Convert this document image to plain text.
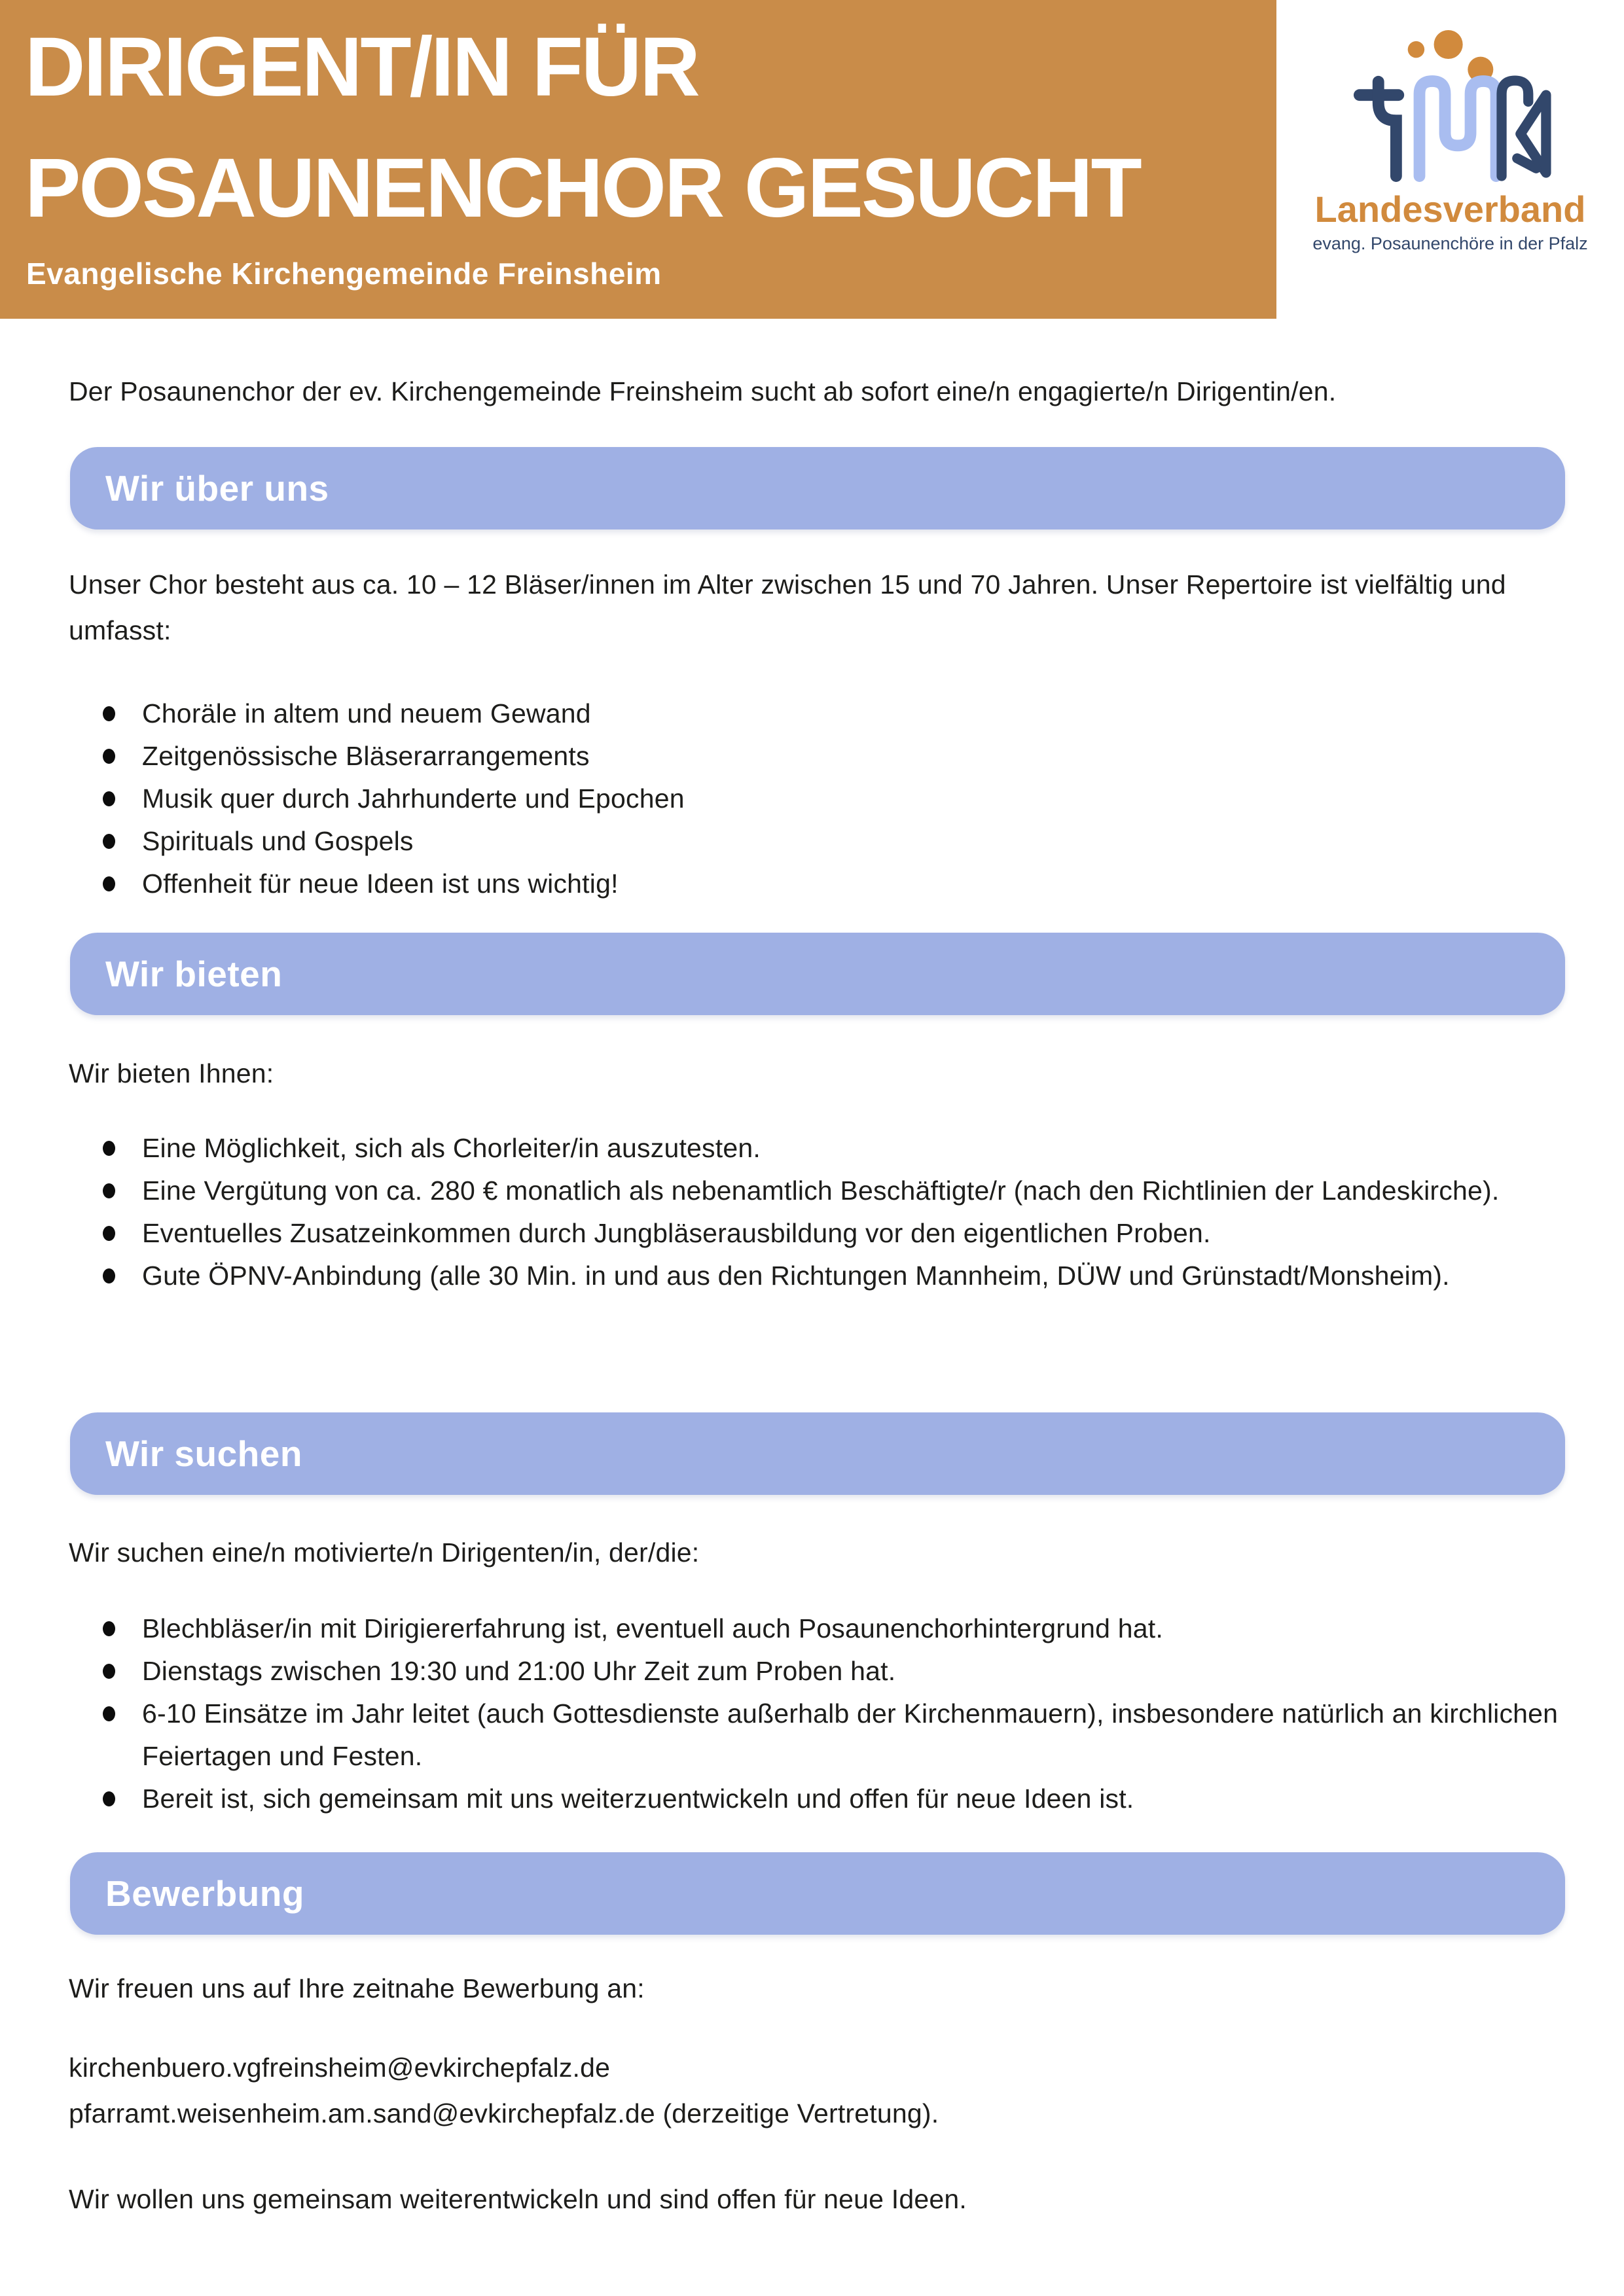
DIRIGENT/IN FÜR
POSAUNENCHOR GESUCHT
Evangelische Kirchengemeinde Freinsheim
Landesverband
evang. Posaunenchöre in der Pfalz

Der Posaunenchor der ev. Kirchengemeinde Freinsheim sucht ab sofort eine/n engagierte/n Dirigentin/en.

Wir über uns

Unser Chor besteht aus ca. 10 – 12 Bläser/innen im Alter zwischen 15 und 70 Jahren. Unser Repertoire ist vielfältig und umfasst:

Choräle in altem und neuem Gewand
Zeitgenössische Bläserarrangements
Musik quer durch Jahrhunderte und Epochen
Spirituals und Gospels
Offenheit für neue Ideen ist uns wichtig!
Wir bieten

Wir bieten Ihnen:

Eine Möglichkeit, sich als Chorleiter/in auszutesten.
Eine Vergütung von ca. 280 € monatlich als nebenamtlich Beschäftigte/r (nach den Richtlinien der Landeskirche).
Eventuelles Zusatzeinkommen durch Jungbläserausbildung vor den eigentlichen Proben.
Gute ÖPNV-Anbindung (alle 30 Min. in und aus den Richtungen Mannheim, DÜW und Grünstadt/Monsheim).
Wir suchen

Wir suchen eine/n motivierte/n Dirigenten/in, der/die:

Blechbläser/in mit Dirigiererfahrung ist, eventuell auch Posaunenchorhintergrund hat.
Dienstags zwischen 19:30 und 21:00 Uhr Zeit zum Proben hat.
6-10 Einsätze im Jahr leitet (auch Gottesdienste außerhalb der Kirchenmauern), insbesondere natürlich an kirchlichen Feiertagen und Festen.
Bereit ist, sich gemeinsam mit uns weiterzuentwickeln und offen für neue Ideen ist.
Bewerbung

Wir freuen uns auf Ihre zeitnahe Bewerbung an:

kirchenbuero.vgfreinsheim@evkirchepfalz.de
pfarramt.weisenheim.am.sand@evkirchepfalz.de (derzeitige Vertretung).

Wir wollen uns gemeinsam weiterentwickeln und sind offen für neue Ideen.
